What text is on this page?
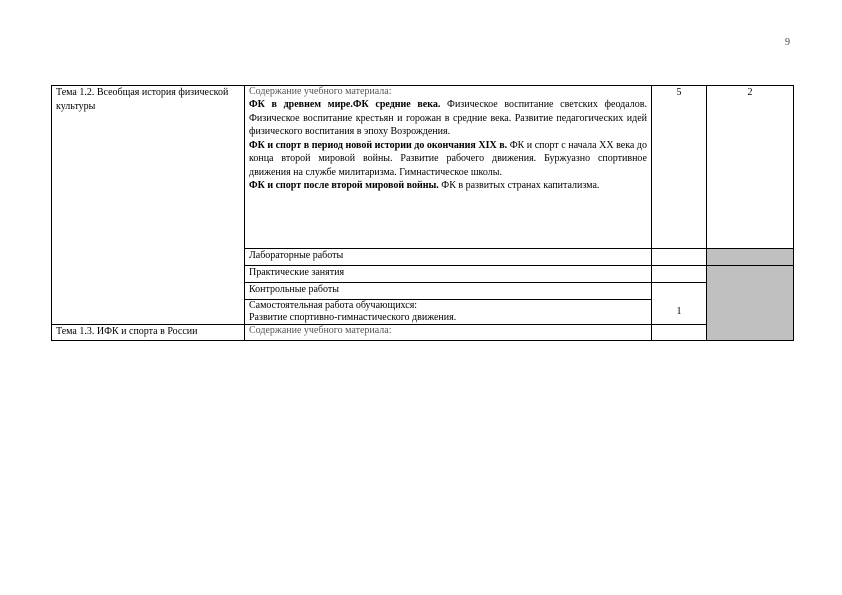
9
Тема 1.2. Всеобщая история физической культуры	Содержание учебного материала:
ФК в древнем мире.ФК средние века. Физическое воспитание светских феодалов. Физическое воспитание крестьян и горожан в средние века. Развитие педагогических идей физического воспитания в эпоху Возрождения.
ФК и спорт в период новой истории до окончания XIX в. ФК и спорт с начала XX века до конца второй мировой войны. Развитие рабочего движения. Буржуазно спортивное движения на службе милитаризма. Гимнастическое школы.
ФК и спорт после второй мировой войны. ФК в развитых странах капитализма.	5	2
	Лабораторные работы		
	Практические занятия		
	Контрольные работы	1	

	Самостоятельная работа обучающихся:
Развитие спортивно-гимнастического движения.		

Тема 1.3. ИФК и спорта в России	Содержание учебного материала:		
